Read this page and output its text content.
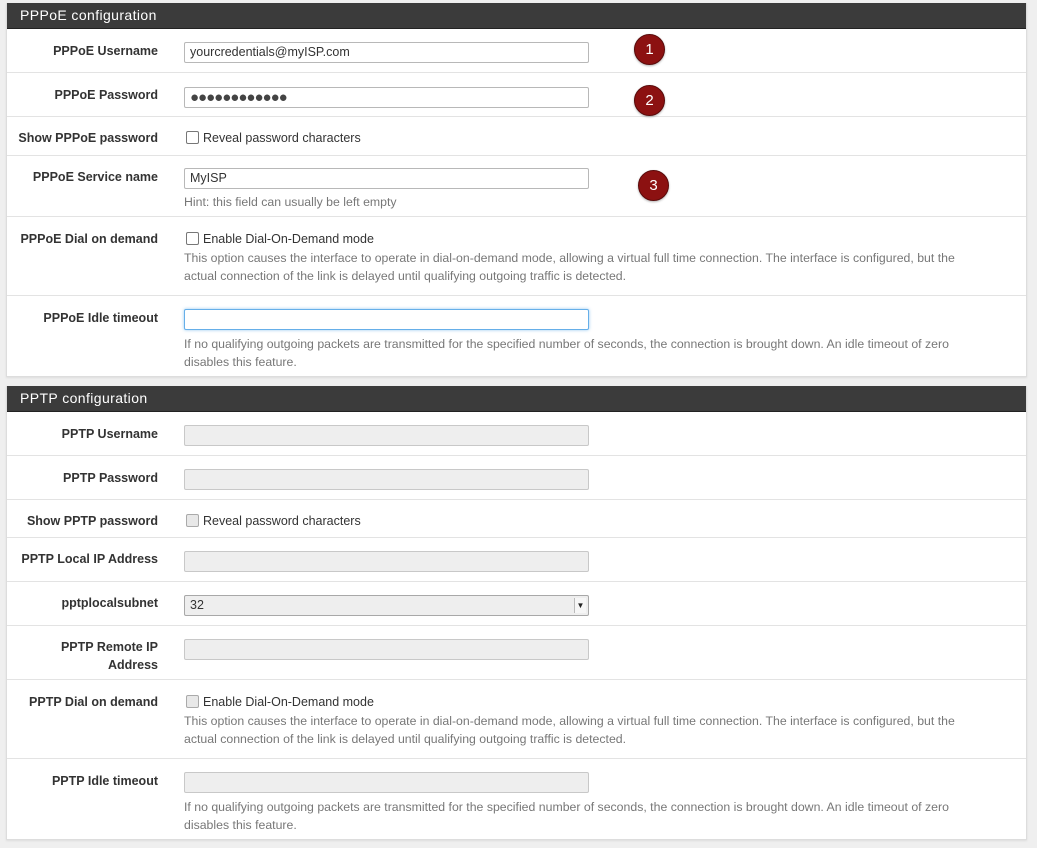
PPPoE configuration
PPPoE Username	yourcredentials@myISP.com	1
PPPoE Password	●●●●●●●●●●●●	2
Show PPPoE password	Reveal password characters
PPPoE Service name	MyISP
Hint: this field can usually be left empty
3
PPPoE Dial on demand	Enable Dial-On-Demand mode
This option causes the interface to operate in dial-on-demand mode, allowing a virtual full time connection. The interface is configured, but the
actual connection of the link is delayed until qualifying outgoing traffic is detected.
PPPoE Idle timeout
If no qualifying outgoing packets are transmitted for the specified number of seconds, the connection is brought down. An idle timeout of zero
disables this feature.
PPTP configuration
PPTP Username
PPTP Password
Show PPTP password	Reveal password characters
PPTP Local IP Address
pptplocalsubnet	32	▼
PPTP Remote IP
Address
PPTP Dial on demand	Enable Dial-On-Demand mode
This option causes the interface to operate in dial-on-demand mode, allowing a virtual full time connection. The interface is configured, but the
actual connection of the link is delayed until qualifying outgoing traffic is detected.
PPTP Idle timeout
If no qualifying outgoing packets are transmitted for the specified number of seconds, the connection is brought down. An idle timeout of zero
disables this feature.
